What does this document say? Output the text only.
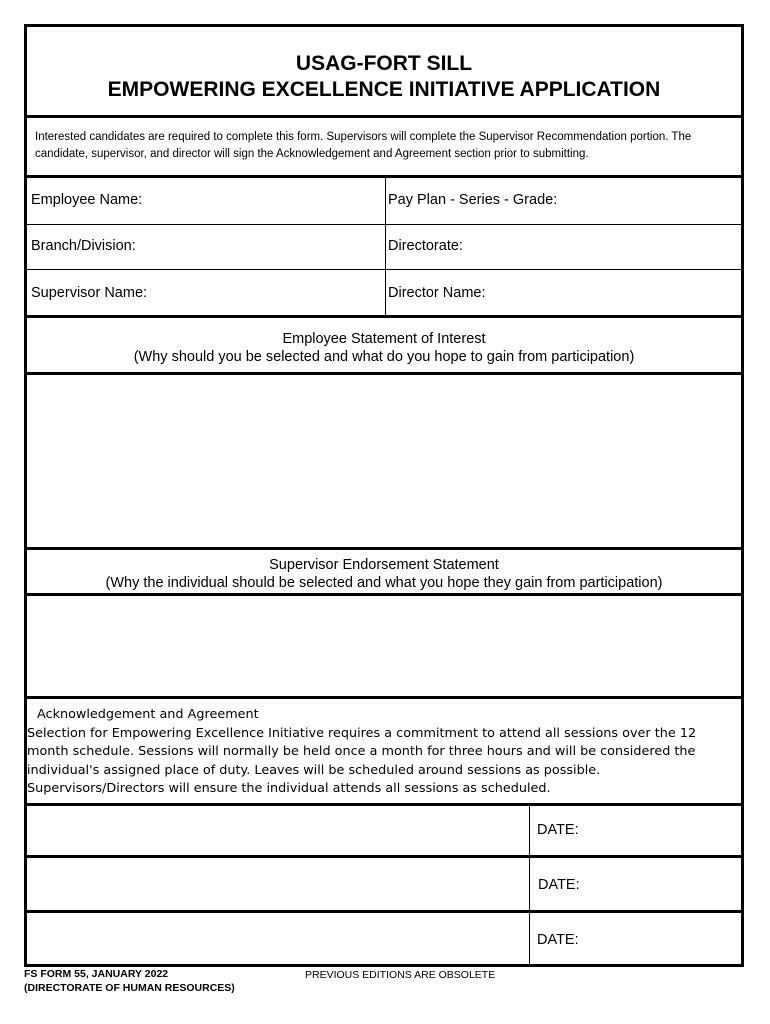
USAG-FORT SILL
EMPOWERING EXCELLENCE INITIATIVE APPLICATION
Interested candidates are required to complete this form. Supervisors will complete the Supervisor Recommendation portion. The candidate, supervisor, and director will sign the Acknowledgement and Agreement section prior to submitting.
Employee Name:	Pay Plan - Series - Grade:
Branch/Division:	Directorate:
Supervisor Name:	Director Name:
Employee Statement of Interest
(Why should you be selected and what do you hope to gain from participation)
Supervisor Endorsement Statement
(Why the individual should be selected and what you hope they gain from participation)
Acknowledgement and Agreement
Selection for Empowering Excellence Initiative requires a commitment to attend all sessions over the 12 month schedule. Sessions will normally be held once a month for three hours and will be considered the individual's assigned place of duty. Leaves will be scheduled around sessions as possible. Supervisors/Directors will ensure the individual attends all sessions as scheduled.
DATE:
DATE:
DATE:
FS FORM 55, JANUARY 2022
(DIRECTORATE OF HUMAN RESOURCES)
PREVIOUS EDITIONS ARE OBSOLETE
